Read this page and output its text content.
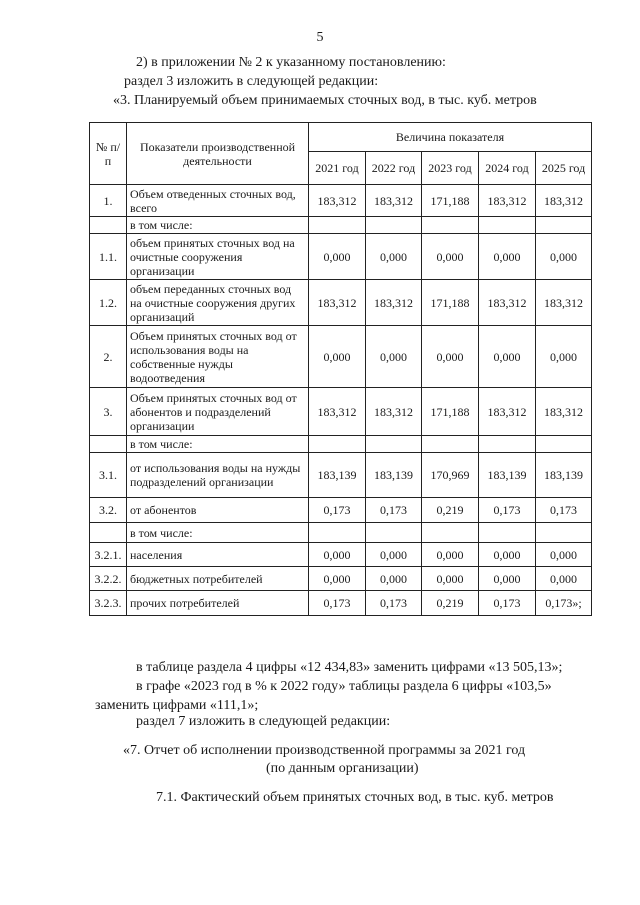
5
2) в приложении № 2 к указанному постановлению:
раздел 3 изложить в следующей редакции:
«3. Планируемый объем принимаемых сточных вод, в тыс. куб. метров
№ п/п	Показатели производственной деятельности	Величина показателя				
		2021 год	2022 год	2023 год	2024 год	2025 год
1.	Объем отведенных сточных вод, всего	183,312	183,312	171,188	183,312	183,312
	в том числе:					
1.1.	объем принятых сточных вод на очистные сооружения организации	0,000	0,000	0,000	0,000	0,000
1.2.	объем переданных сточных вод на очистные сооружения других организаций	183,312	183,312	171,188	183,312	183,312
2.	Объем принятых сточных вод от использования воды на собственные нужды водоотведения	0,000	0,000	0,000	0,000	0,000
3.	Объем принятых сточных вод от абонентов и подразделений организации	183,312	183,312	171,188	183,312	183,312
	в том числе:					
3.1.	от использования воды на нужды подразделений организации	183,139	183,139	170,969	183,139	183,139
3.2.	от абонентов	0,173	0,173	0,219	0,173	0,173
	в том числе:					
3.2.1.	населения	0,000	0,000	0,000	0,000	0,000
3.2.2.	бюджетных потребителей	0,000	0,000	0,000	0,000	0,000
3.2.3.	прочих потребителей	0,173	0,173	0,219	0,173	0,173»;
в таблице раздела 4 цифры «12 434,83» заменить цифрами «13 505,13»;
в графе «2023 год в % к 2022 году» таблицы раздела 6 цифры «103,5»
заменить цифрами «111,1»;
раздел 7 изложить в следующей редакции:
«7. Отчет об исполнении производственной программы за 2021 год
(по данным организации)
7.1. Фактический объем принятых сточных вод, в тыс. куб. метров
